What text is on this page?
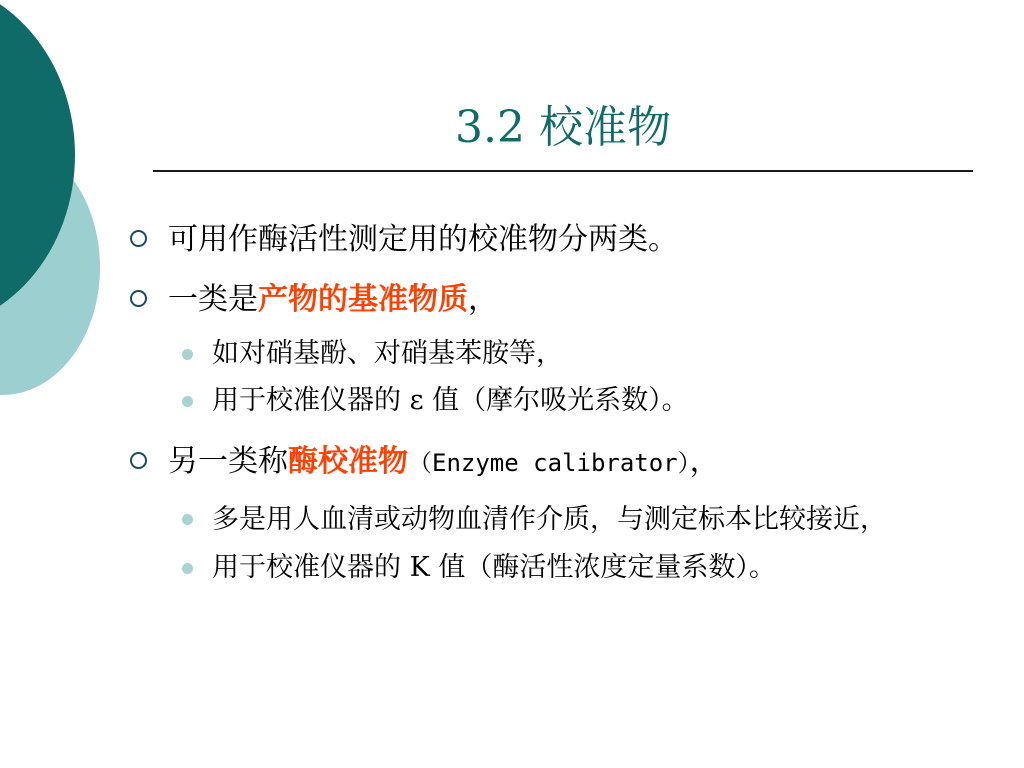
3.2 校准物
可用作酶活性测定用的校准物分两类。
一类是产物的基准物质，
如对硝基酚、对硝基苯胺等，
用于校准仪器的 ε 值（摩尔吸光系数）。
另一类称酶校准物（Enzyme calibrator），
多是用人血清或动物血清作介质，与测定标本比较接近，
用于校准仪器的 K 值（酶活性浓度定量系数）。
